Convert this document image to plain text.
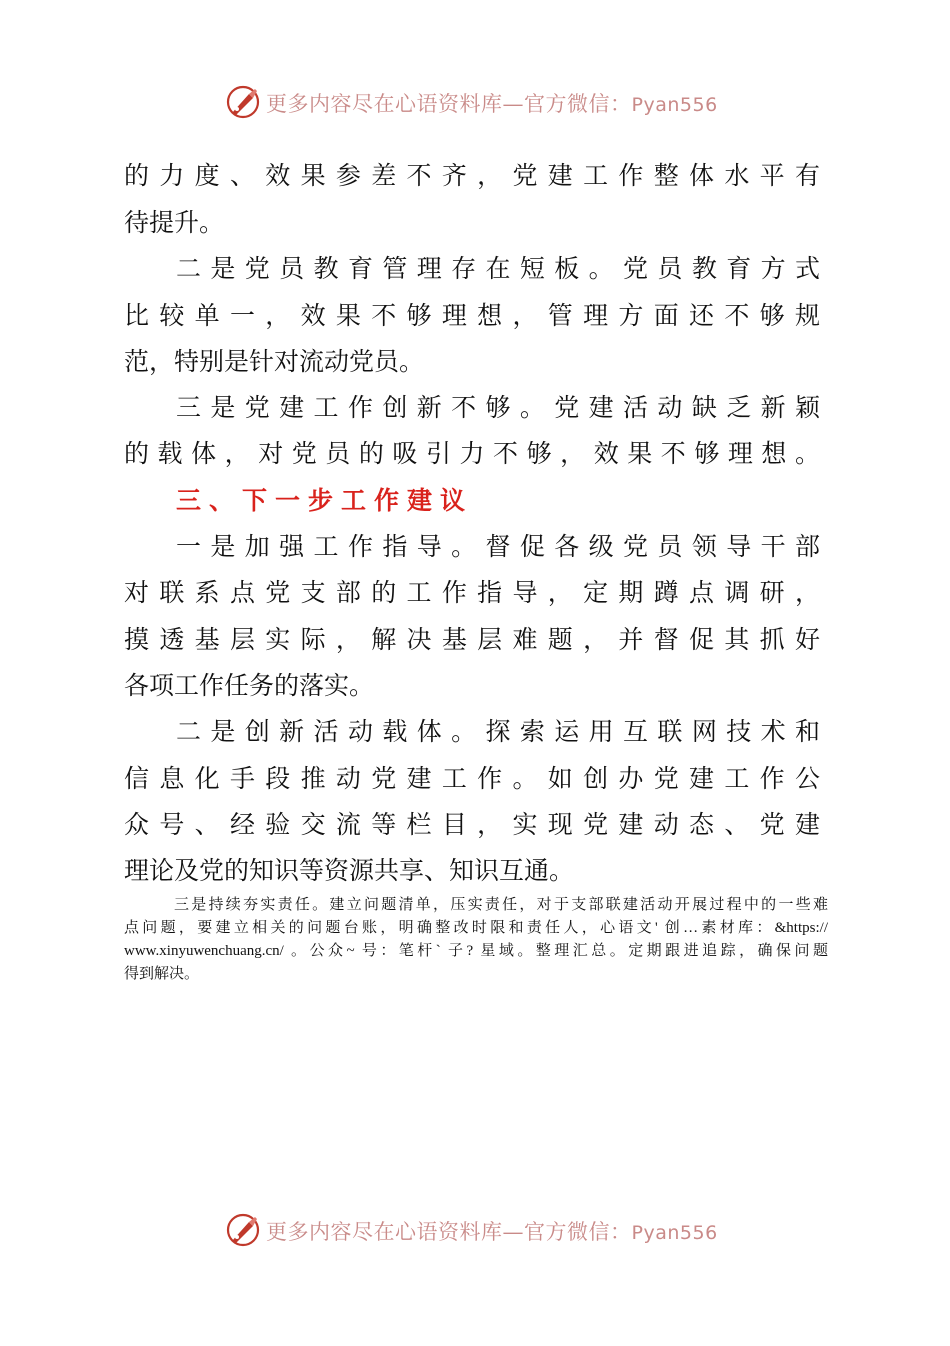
更多内容尽在心语资料库—官方微信：Pyan556
的力度、效果参差不齐，党建工作整体水平有
待提升。
二是党员教育管理存在短板。党员教育方式
比较单一，效果不够理想，管理方面还不够规
范，特别是针对流动党员。
三是党建工作创新不够。党建活动缺乏新颖
的载体，对党员的吸引力不够，效果不够理想。
三、下一步工作建议
一是加强工作指导。督促各级党员领导干部
对联系点党支部的工作指导，定期蹲点调研，
摸透基层实际，解决基层难题，并督促其抓好
各项工作任务的落实。
二是创新活动载体。探索运用互联网技术和
信息化手段推动党建工作。如创办党建工作公
众号、经验交流等栏目，实现党建动态、党建
理论及党的知识等资源共享、知识互通。

三是持续夯实责任。建立问题清单，压实责任，对于支部联建活动开展过程中的一些难

点问题，要建立相关的问题台账，明确整改时限和责任人，心语文' 创…素材库：&https://

www.xinyuwenchuang.cn/ 。公众~ 号：笔杆` 子? 星域。整理汇总。定期跟进追踪，确保问题

得到解决。

更多内容尽在心语资料库—官方微信：Pyan556
